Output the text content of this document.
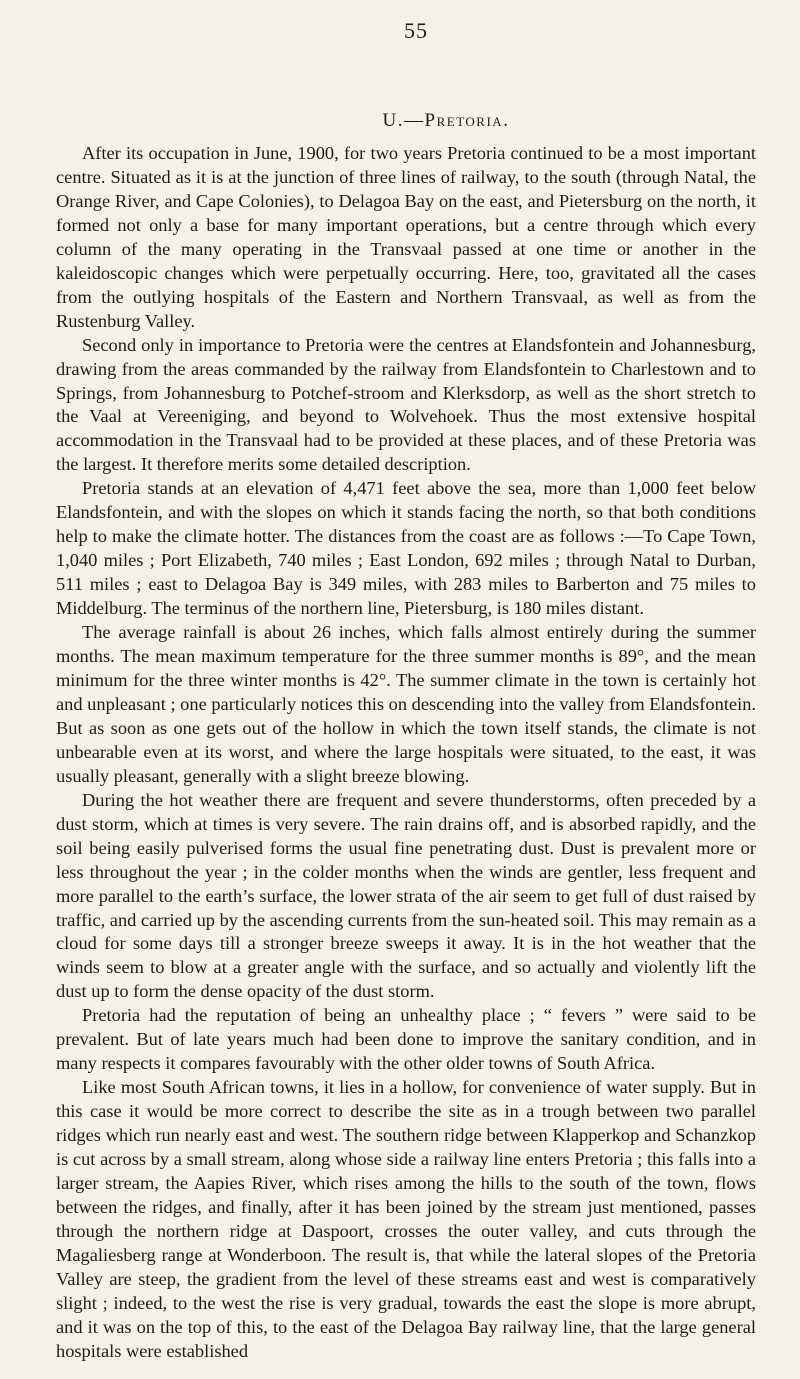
55
U.—Pretoria.

After its occupation in June, 1900, for two years Pretoria continued to be a most important centre. Situated as it is at the junction of three lines of railway, to the south (through Natal, the Orange River, and Cape Colonies), to Delagoa Bay on the east, and Pietersburg on the north, it formed not only a base for many important operations, but a centre through which every column of the many operating in the Transvaal passed at one time or another in the kaleidoscopic changes which were perpetually occurring. Here, too, gravitated all the cases from the outlying hospitals of the Eastern and Northern Transvaal, as well as from the Rustenburg Valley.

Second only in importance to Pretoria were the centres at Elandsfontein and Johannesburg, drawing from the areas commanded by the railway from Elandsfontein to Charlestown and to Springs, from Johannesburg to Potchef-stroom and Klerksdorp, as well as the short stretch to the Vaal at Vereeniging, and beyond to Wolvehoek. Thus the most extensive hospital accommodation in the Transvaal had to be provided at these places, and of these Pretoria was the largest. It therefore merits some detailed description.

Pretoria stands at an elevation of 4,471 feet above the sea, more than 1,000 feet below Elandsfontein, and with the slopes on which it stands facing the north, so that both conditions help to make the climate hotter. The distances from the coast are as follows :—To Cape Town, 1,040 miles ; Port Elizabeth, 740 miles ; East London, 692 miles ; through Natal to Durban, 511 miles ; east to Delagoa Bay is 349 miles, with 283 miles to Barberton and 75 miles to Middelburg. The terminus of the northern line, Pietersburg, is 180 miles distant.

The average rainfall is about 26 inches, which falls almost entirely during the summer months. The mean maximum temperature for the three summer months is 89°, and the mean minimum for the three winter months is 42°. The summer climate in the town is certainly hot and unpleasant ; one particularly notices this on descending into the valley from Elandsfontein. But as soon as one gets out of the hollow in which the town itself stands, the climate is not unbearable even at its worst, and where the large hospitals were situated, to the east, it was usually pleasant, generally with a slight breeze blowing.

During the hot weather there are frequent and severe thunderstorms, often preceded by a dust storm, which at times is very severe. The rain drains off, and is absorbed rapidly, and the soil being easily pulverised forms the usual fine penetrating dust. Dust is prevalent more or less throughout the year ; in the colder months when the winds are gentler, less frequent and more parallel to the earth’s surface, the lower strata of the air seem to get full of dust raised by traffic, and carried up by the ascending currents from the sun-heated soil. This may remain as a cloud for some days till a stronger breeze sweeps it away. It is in the hot weather that the winds seem to blow at a greater angle with the surface, and so actually and violently lift the dust up to form the dense opacity of the dust storm.

Pretoria had the reputation of being an unhealthy place ; “ fevers ” were said to be prevalent. But of late years much had been done to improve the sanitary condition, and in many respects it compares favourably with the other older towns of South Africa.

Like most South African towns, it lies in a hollow, for convenience of water supply. But in this case it would be more correct to describe the site as in a trough between two parallel ridges which run nearly east and west. The southern ridge between Klapperkop and Schanzkop is cut across by a small stream, along whose side a railway line enters Pretoria ; this falls into a larger stream, the Aapies River, which rises among the hills to the south of the town, flows between the ridges, and finally, after it has been joined by the stream just mentioned, passes through the northern ridge at Daspoort, crosses the outer valley, and cuts through the Magaliesberg range at Wonderboon. The result is, that while the lateral slopes of the Pretoria Valley are steep, the gradient from the level of these streams east and west is comparatively slight ; indeed, to the west the rise is very gradual, towards the east the slope is more abrupt, and it was on the top of this, to the east of the Delagoa Bay railway line, that the large general hospitals were established
